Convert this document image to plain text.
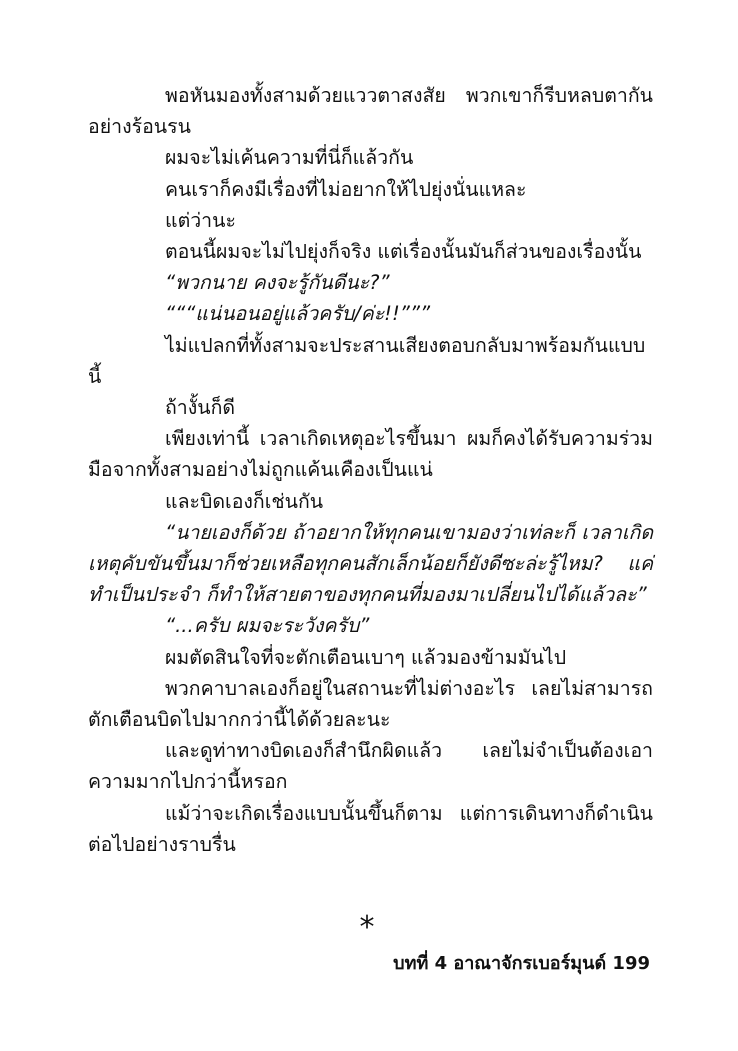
พอหันมองทั้งสามด้วยแววตาสงสัย พวกเขาก็รีบหลบตากันอย่างร้อนรน

ผมจะไม่เค้นความที่นี่ก็แล้วกัน

คนเราก็คงมีเรื่องที่ไม่อยากให้ไปยุ่งนั่นแหละ

แต่ว่านะ

ตอนนี้ผมจะไม่ไปยุ่งก็จริง แต่เรื่องนั้นมันก็ส่วนของเรื่องนั้น

“พวกนาย คงจะรู้กันดีนะ?”

“““แน่นอนอยู่แล้วครับ/ค่ะ!!”””

ไม่แปลกที่ทั้งสามจะประสานเสียงตอบกลับมาพร้อมกันแบบนี้

ถ้างั้นก็ดี

เพียงเท่านี้ เวลาเกิดเหตุอะไรขึ้นมา ผมก็คงได้รับความร่วมมือจากทั้งสามอย่างไม่ถูกแค้นเคืองเป็นแน่

และบิดเองก็เช่นกัน

“นายเองก็ด้วย ถ้าอยากให้ทุกคนเขามองว่าเท่ละก็ เวลาเกิดเหตุคับขันขึ้นมาก็ช่วยเหลือทุกคนสักเล็กน้อยก็ยังดีซะล่ะรู้ไหม? แค่ทำเป็นประจำ ก็ทำให้สายตาของทุกคนที่มองมาเปลี่ยนไปได้แล้วละ”

“...ครับ ผมจะระวังครับ”

ผมตัดสินใจที่จะตักเตือนเบาๆ แล้วมองข้ามมันไป

พวกคาบาลเองก็อยู่ในสถานะที่ไม่ต่างอะไร เลยไม่สามารถตักเตือนบิดไปมากกว่านี้ได้ด้วยละนะ

และดูท่าทางบิดเองก็สำนึกผิดแล้ว เลยไม่จำเป็นต้องเอาความมากไปกว่านี้หรอก

แม้ว่าจะเกิดเรื่องแบบนั้นขึ้นก็ตาม แต่การเดินทางก็ดำเนินต่อไปอย่างราบรื่น

*
บทที่ 4 อาณาจักรเบอร์มุนด์ 199
